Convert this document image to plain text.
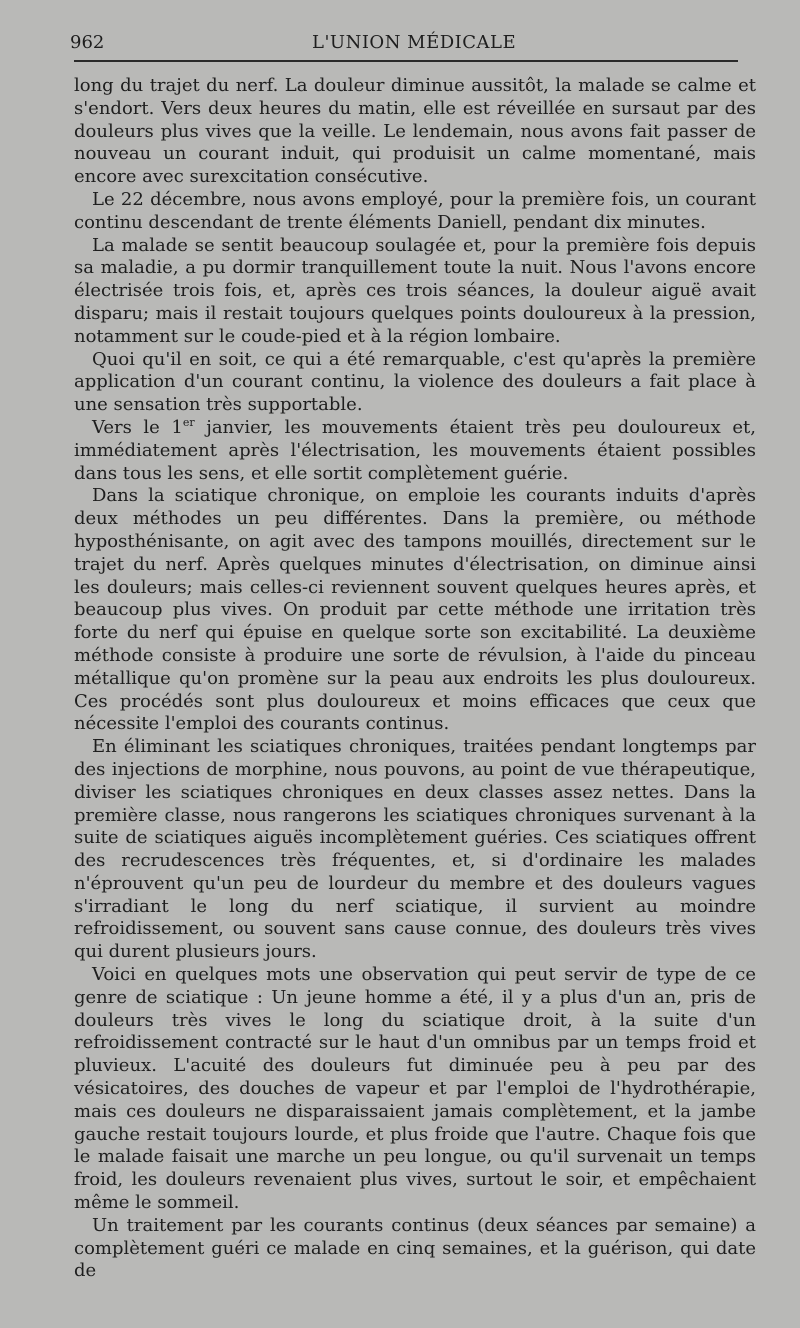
962	L'UNION MÉDICALE

long du trajet du nerf. La douleur diminue aussitôt, la malade se calme et s'endort. Vers deux heures du matin, elle est réveillée en sursaut par des douleurs plus vives que la veille. Le lendemain, nous avons fait passer de nouveau un courant induit, qui produisit un calme momentané, mais encore avec surexcitation consécutive.

Le 22 décembre, nous avons employé, pour la première fois, un courant continu descendant de trente éléments Daniell, pendant dix minutes.

La malade se sentit beaucoup soulagée et, pour la première fois depuis sa maladie, a pu dormir tranquillement toute la nuit. Nous l'avons encore électrisée trois fois, et, après ces trois séances, la douleur aiguë avait disparu; mais il restait toujours quelques points douloureux à la pression, notamment sur le coude-pied et à la région lombaire.

Quoi qu'il en soit, ce qui a été remarquable, c'est qu'après la première application d'un courant continu, la violence des douleurs a fait place à une sensation très supportable.

Vers le 1er janvier, les mouvements étaient très peu douloureux et, immédiatement après l'électrisation, les mouvements étaient possibles dans tous les sens, et elle sortit complètement guérie.

Dans la sciatique chronique, on emploie les courants induits d'après deux méthodes un peu différentes. Dans la première, ou méthode hyposthénisante, on agit avec des tampons mouillés, directement sur le trajet du nerf. Après quelques minutes d'électrisation, on diminue ainsi les douleurs; mais celles-ci reviennent souvent quelques heures après, et beaucoup plus vives. On produit par cette méthode une irritation très forte du nerf qui épuise en quelque sorte son excitabilité. La deuxième méthode consiste à produire une sorte de révulsion, à l'aide du pinceau métallique qu'on promène sur la peau aux endroits les plus douloureux. Ces procédés sont plus douloureux et moins efficaces que ceux que nécessite l'emploi des courants continus.

En éliminant les sciatiques chroniques, traitées pendant longtemps par des injections de morphine, nous pouvons, au point de vue thérapeutique, diviser les sciatiques chroniques en deux classes assez nettes. Dans la première classe, nous rangerons les sciatiques chroniques survenant à la suite de sciatiques aiguës incomplètement guéries. Ces sciatiques offrent des recrudescences très fréquentes, et, si d'ordinaire les malades n'éprouvent qu'un peu de lourdeur du membre et des douleurs vagues s'irradiant le long du nerf sciatique, il survient au moindre refroidissement, ou souvent sans cause connue, des douleurs très vives qui durent plusieurs jours.

Voici en quelques mots une observation qui peut servir de type de ce genre de sciatique : Un jeune homme a été, il y a plus d'un an, pris de douleurs très vives le long du sciatique droit, à la suite d'un refroidissement contracté sur le haut d'un omnibus par un temps froid et pluvieux. L'acuité des douleurs fut diminuée peu à peu par des vésicatoires, des douches de vapeur et par l'emploi de l'hydrothérapie, mais ces douleurs ne disparaissaient jamais complètement, et la jambe gauche restait toujours lourde, et plus froide que l'autre. Chaque fois que le malade faisait une marche un peu longue, ou qu'il survenait un temps froid, les douleurs revenaient plus vives, surtout le soir, et empêchaient même le sommeil.

Un traitement par les courants continus (deux séances par semaine) a complètement guéri ce malade en cinq semaines, et la guérison, qui date de
